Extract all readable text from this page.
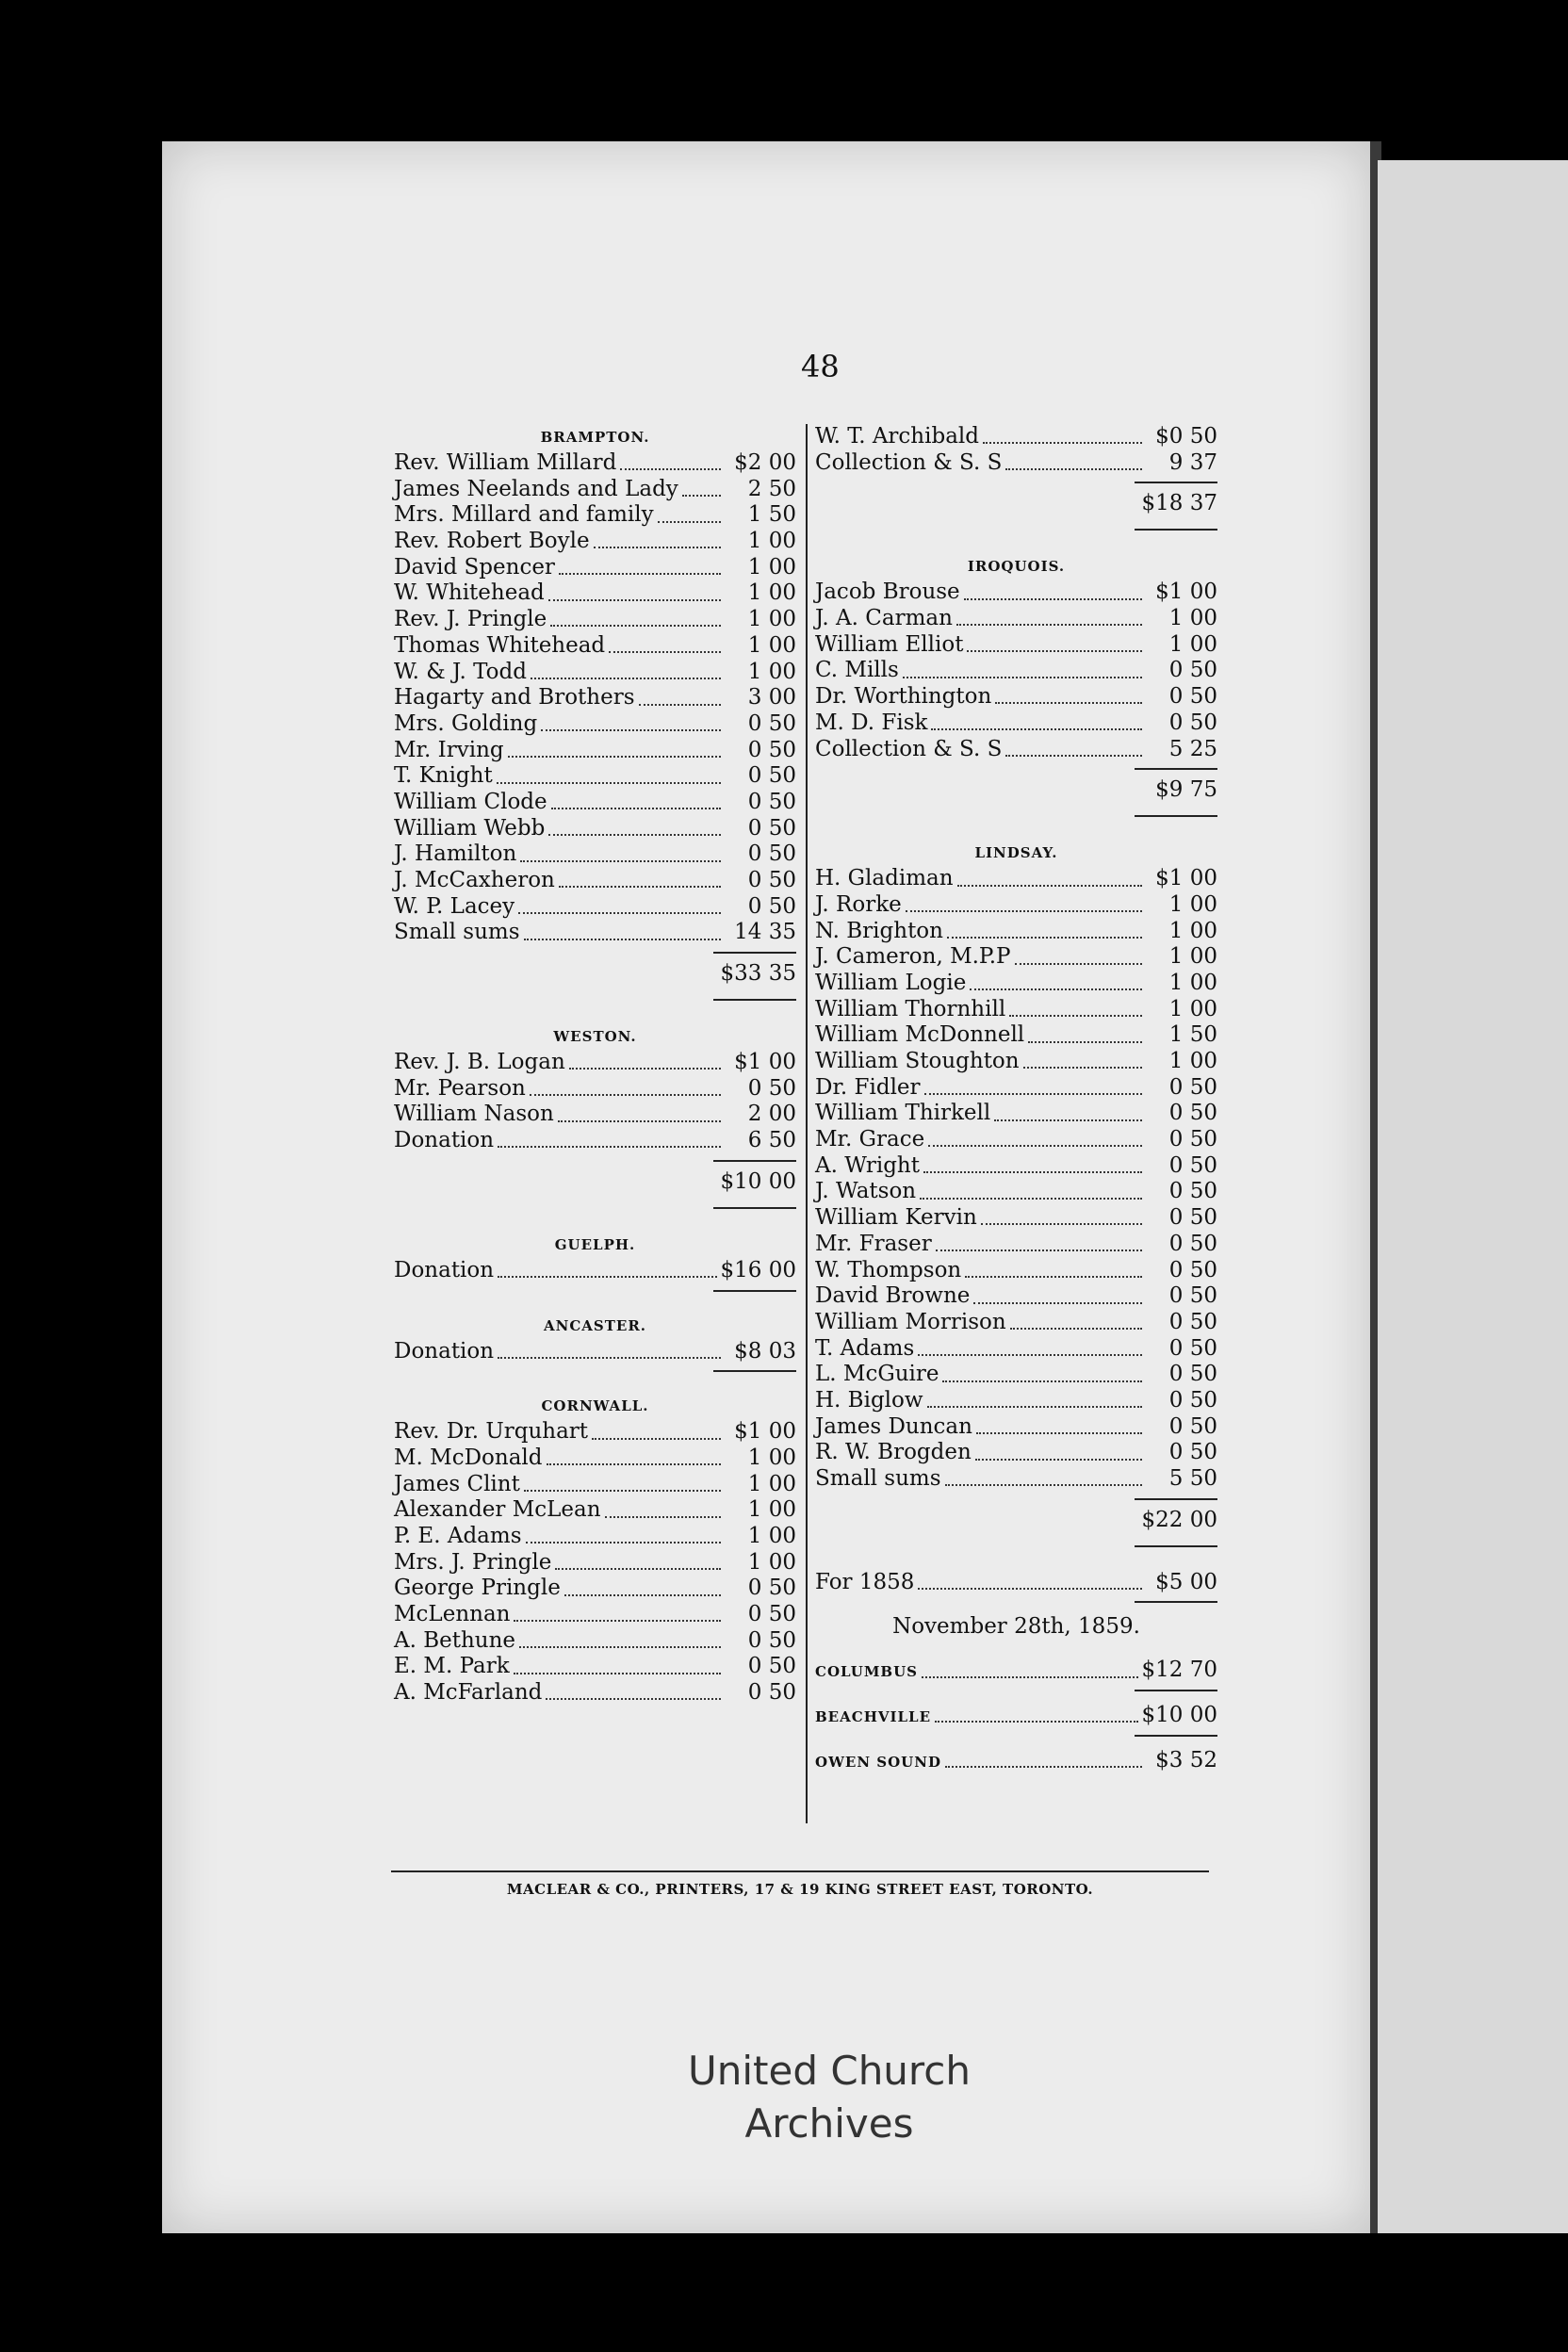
48
BRAMPTON.
Rev. William Millard	$2 00
James Neelands and Lady	2 50
Mrs. Millard and family	1 50
Rev. Robert Boyle	1 00
David Spencer	1 00
W. Whitehead	1 00
Rev. J. Pringle	1 00
Thomas Whitehead	1 00
W. & J. Todd	1 00
Hagarty and Brothers	3 00
Mrs. Golding	0 50
Mr. Irving	0 50
T. Knight	0 50
William Clode	0 50
William Webb	0 50
J. Hamilton	0 50
J. McCaxheron	0 50
W. P. Lacey	0 50
Small sums	14 35
$33 35
WESTON.
Rev. J. B. Logan	$1 00
Mr. Pearson	0 50
William Nason	2 00
Donation	6 50
$10 00
GUELPH.
Donation	$16 00
ANCASTER.
Donation	$8 03
CORNWALL.
Rev. Dr. Urquhart	$1 00
M. McDonald	1 00
James Clint	1 00
Alexander McLean	1 00
P. E. Adams	1 00
Mrs. J. Pringle	1 00
George Pringle	0 50
McLennan	0 50
A. Bethune	0 50
E. M. Park	0 50
A. McFarland	0 50
W. T. Archibald	$0 50
Collection & S. S	9 37
$18 37
IROQUOIS.
Jacob Brouse	$1 00
J. A. Carman	1 00
William Elliot	1 00
C. Mills	0 50
Dr. Worthington	0 50
M. D. Fisk	0 50
Collection & S. S	5 25
$9 75
LINDSAY.
H. Gladiman	$1 00
J. Rorke	1 00
N. Brighton	1 00
J. Cameron, M.P.P	1 00
William Logie	1 00
William Thornhill	1 00
William McDonnell	1 50
William Stoughton	1 00
Dr. Fidler	0 50
William Thirkell	0 50
Mr. Grace	0 50
A. Wright	0 50
J. Watson	0 50
William Kervin	0 50
Mr. Fraser	0 50
W. Thompson	0 50
David Browne	0 50
William Morrison	0 50
T. Adams	0 50
L. McGuire	0 50
H. Biglow	0 50
James Duncan	0 50
R. W. Brogden	0 50
Small sums	5 50
$22 00
For 1858	$5 00
November 28th, 1859.
COLUMBUS	$12 70
BEACHVILLE	$10 00
OWEN SOUND	$3 52
MACLEAR & CO., PRINTERS, 17 & 19 KING STREET EAST, TORONTO.
United Church
Archives
